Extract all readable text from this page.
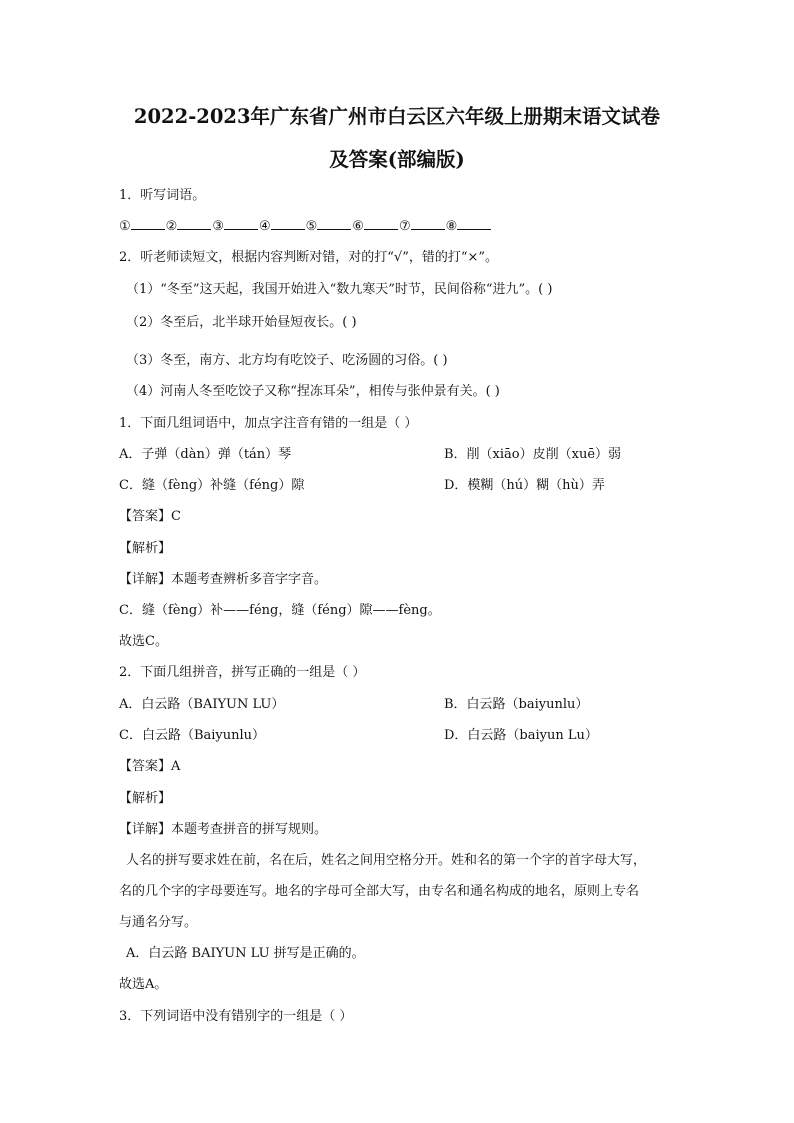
2022-2023年广东省广州市白云区六年级上册期末语文试卷
及答案(部编版)
1．听写词语。
①	②	③	④	⑤	⑥	⑦	⑧
2．听老师读短文，根据内容判断对错，对的打“√”，错的打“×”。
（1）“冬至”这天起，我国开始进入“数九寒天”时节，民间俗称“进九”。( )
（2）冬至后，北半球开始昼短夜长。( )
（3）冬至，南方、北方均有吃饺子、吃汤圆的习俗。( )
（4）河南人冬至吃饺子又称“捏冻耳朵”，相传与张仲景有关。( )
1．下面几组词语中，加点字注音有错的一组是（ ）
A．子弹（dàn）弹（tán）琴	B．削（xiāo）皮削（xuē）弱
C．缝（fèng）补缝（féng）隙	D．模糊（hú）糊（hù）弄
【答案】C
【解析】
【详解】本题考查辨析多音字字音。
C．缝（fèng）补——féng，缝（féng）隙——fèng。
故选C。
2．下面几组拼音，拼写正确的一组是（ ）
A．白云路（BAIYUN LU）	B．白云路（baiyunlu）
C．白云路（Baiyunlu）	D．白云路（baiyun Lu）
【答案】A
【解析】
【详解】本题考查拼音的拼写规则。
人名的拼写要求姓在前，名在后，姓名之间用空格分开。姓和名的第一个字的首字母大写，
名的几个字的字母要连写。地名的字母可全部大写，由专名和通名构成的地名，原则上专名
与通名分写。
A．白云路 BAIYUN LU 拼写是正确的。
故选A。
3．下列词语中没有错别字的一组是（ ）
